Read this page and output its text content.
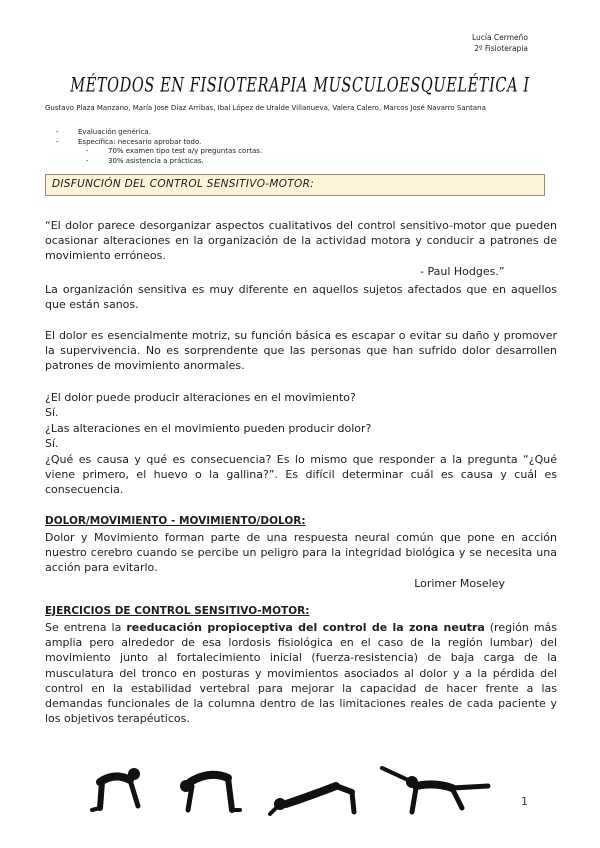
Lucía Cermeño
2º Fisioterapia
MÉTODOS EN FISIOTERAPIA MUSCULOESQUELÉTICA I
Gustavo Plaza Manzano, María Jose Díaz Arribas, Ibai López de Uralde Villanueva, Valera Calero, Marcos José Navarro Santana
-	Evaluación genérica.
-	Específica: necesario aprobar todo.
-	70% examen tipo test a/y preguntas cortas.
-	30% asistencia a prácticas.
DISFUNCIÓN DEL CONTROL SENSITIVO-MOTOR:
“El dolor parece desorganizar aspectos cualitativos del control sensitivo-motor que pueden ocasionar alteraciones en la organización de la actividad motora y conducir a patrones de movimiento erróneos.
- Paul Hodges.”
La organización sensitiva es muy diferente en aquellos sujetos afectados que en aquellos que están sanos.
El dolor es esencialmente motriz, su función básica es escapar o evitar su daño y promover la supervivencia. No es sorprendente que las personas que han sufrido dolor desarrollen patrones de movimiento anormales.
¿El dolor puede producir alteraciones en el movimiento?
Sí.
¿Las alteraciones en el movimiento pueden producir dolor?
Sí.
¿Qué es causa y qué es consecuencia? Es lo mismo que responder a la pregunta “¿Qué viene primero, el huevo o la gallina?”. Es difícil determinar cuál es causa y cuál es consecuencia.
DOLOR/MOVIMIENTO - MOVIMIENTO/DOLOR:
Dolor y Movimiento forman parte de una respuesta neural común que pone en acción nuestro cerebro cuando se percibe un peligro para la integridad biológica y se necesita una acción para evitarlo.
Lorimer Moseley
EJERCICIOS DE CONTROL SENSITIVO-MOTOR:
Se entrena la reeducación propioceptiva del control de la zona neutra (región más amplia pero alrededor de esa lordosis fisiológica en el caso de la región lumbar) del movimiento junto al fortalecimiento inicial (fuerza-resistencia) de baja carga de la musculatura del tronco en posturas y movimientos asociados al dolor y a la pérdida del control en la estabilidad vertebral para mejorar la capacidad de hacer frente a las demandas funcionales de la columna dentro de las limitaciones reales de cada paciente y los objetivos terapéuticos.
1
